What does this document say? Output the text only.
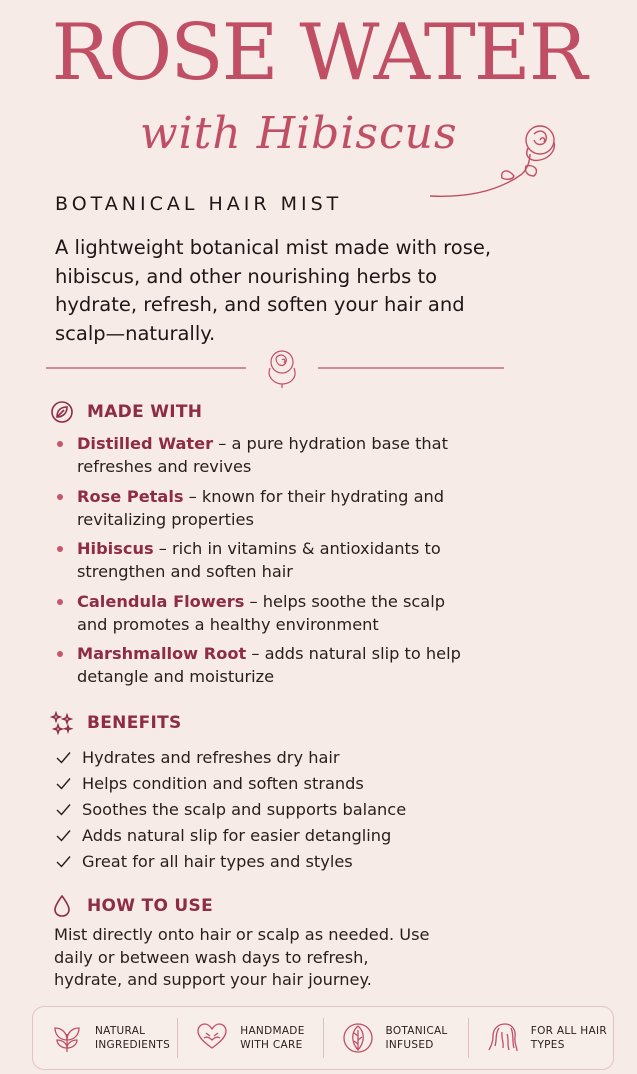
ROSE WATER
with Hibiscus
BOTANICAL HAIR MIST

A lightweight botanical mist made with rose, hibiscus, and other nourishing herbs to hydrate, refresh, and soften your hair and scalp—naturally.

MADE WITH
Distilled Water – a pure hydration base that refreshes and revives
Rose Petals – known for their hydrating and revitalizing properties
Hibiscus – rich in vitamins & antioxidants to strengthen and soften hair
Calendula Flowers – helps soothe the scalp and promotes a healthy environment
Marshmallow Root – adds natural slip to help detangle and moisturize
BENEFITS
Hydrates and refreshes dry hair
Helps condition and soften strands
Soothes the scalp and supports balance
Adds natural slip for easier detangling
Great for all hair types and styles
HOW TO USE

Mist directly onto hair or scalp as needed. Use daily or between wash days to refresh, hydrate, and support your hair journey.

NATURAL
INGREDIENTS
HANDMADE
WITH CARE
BOTANICAL
INFUSED
FOR ALL HAIR
TYPES
